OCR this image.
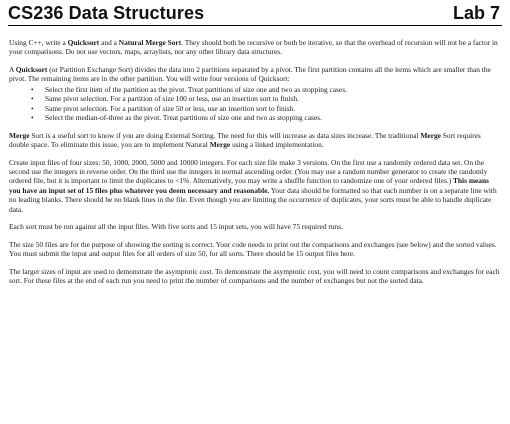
CS236 Data Structures	Lab 7

Using C++, write a Quicksort and a Natural Merge Sort. They should both be recursive or both be iterative, so that the overhead of recursion will not be a factor in your comparisons. Do not use vectors, maps, arraylists, nor any other library data structures.

A Quicksort (or Partition Exchange Sort) divides the data into 2 partitions separated by a pivot. The first partition contains all the items which are smaller than the pivot. The remaining items are in the other partition. You will write four versions of Quicksort:

• Select the first item of the partition as the pivot. Treat partitions of size one and two as stopping cases.
• Same pivot selection. For a partition of size 100 or less, use an insertion sort to finish.
• Same pivot selection. For a partition of size 50 or less, use an insertion sort to finish.
• Select the median-of-three as the pivot. Treat partitions of size one and two as stopping cases.

Merge Sort is a useful sort to know if you are doing External Sorting. The need for this will increase as data sizes increase. The traditional Merge Sort requires double space. To eliminate this issue, you are to implement Natural Merge using a linked implementation.

Create input files of four sizes: 50, 1000, 2000, 5000 and 10000 integers. For each size file make 3 versions. On the first use a randomly ordered data set. On the second use the integers in reverse order. On the third use the integers in normal ascending order. (You may use a random number generator to create the randomly ordered file, but it is important to limit the duplicates to <1%. Alternatively, you may write a shuffle function to randomize one of your ordered files.) This means you have an input set of 15 files plus whatever you deem necessary and reasonable. Your data should be formatted so that each number is on a separate line with no leading blanks. There should be no blank lines in the file. Even though you are limiting the occurrence of duplicates, your sorts must be able to handle duplicate data.

Each sort must be run against all the input files. With five sorts and 15 input sets, you will have 75 required runs.

The size 50 files are for the purpose of showing the sorting is correct. Your code needs to print out the comparisons and exchanges (see below) and the sorted values. You must submit the input and output files for all orders of size 50, for all sorts. There should be 15 output files here.

The larger sizes of input are used to demonstrate the asymptotic cost. To demonstrate the asymptotic cost, you will need to count comparisons and exchanges for each sort. For these files at the end of each run you need to print the number of comparisons and the number of exchanges but not the sorted data.
